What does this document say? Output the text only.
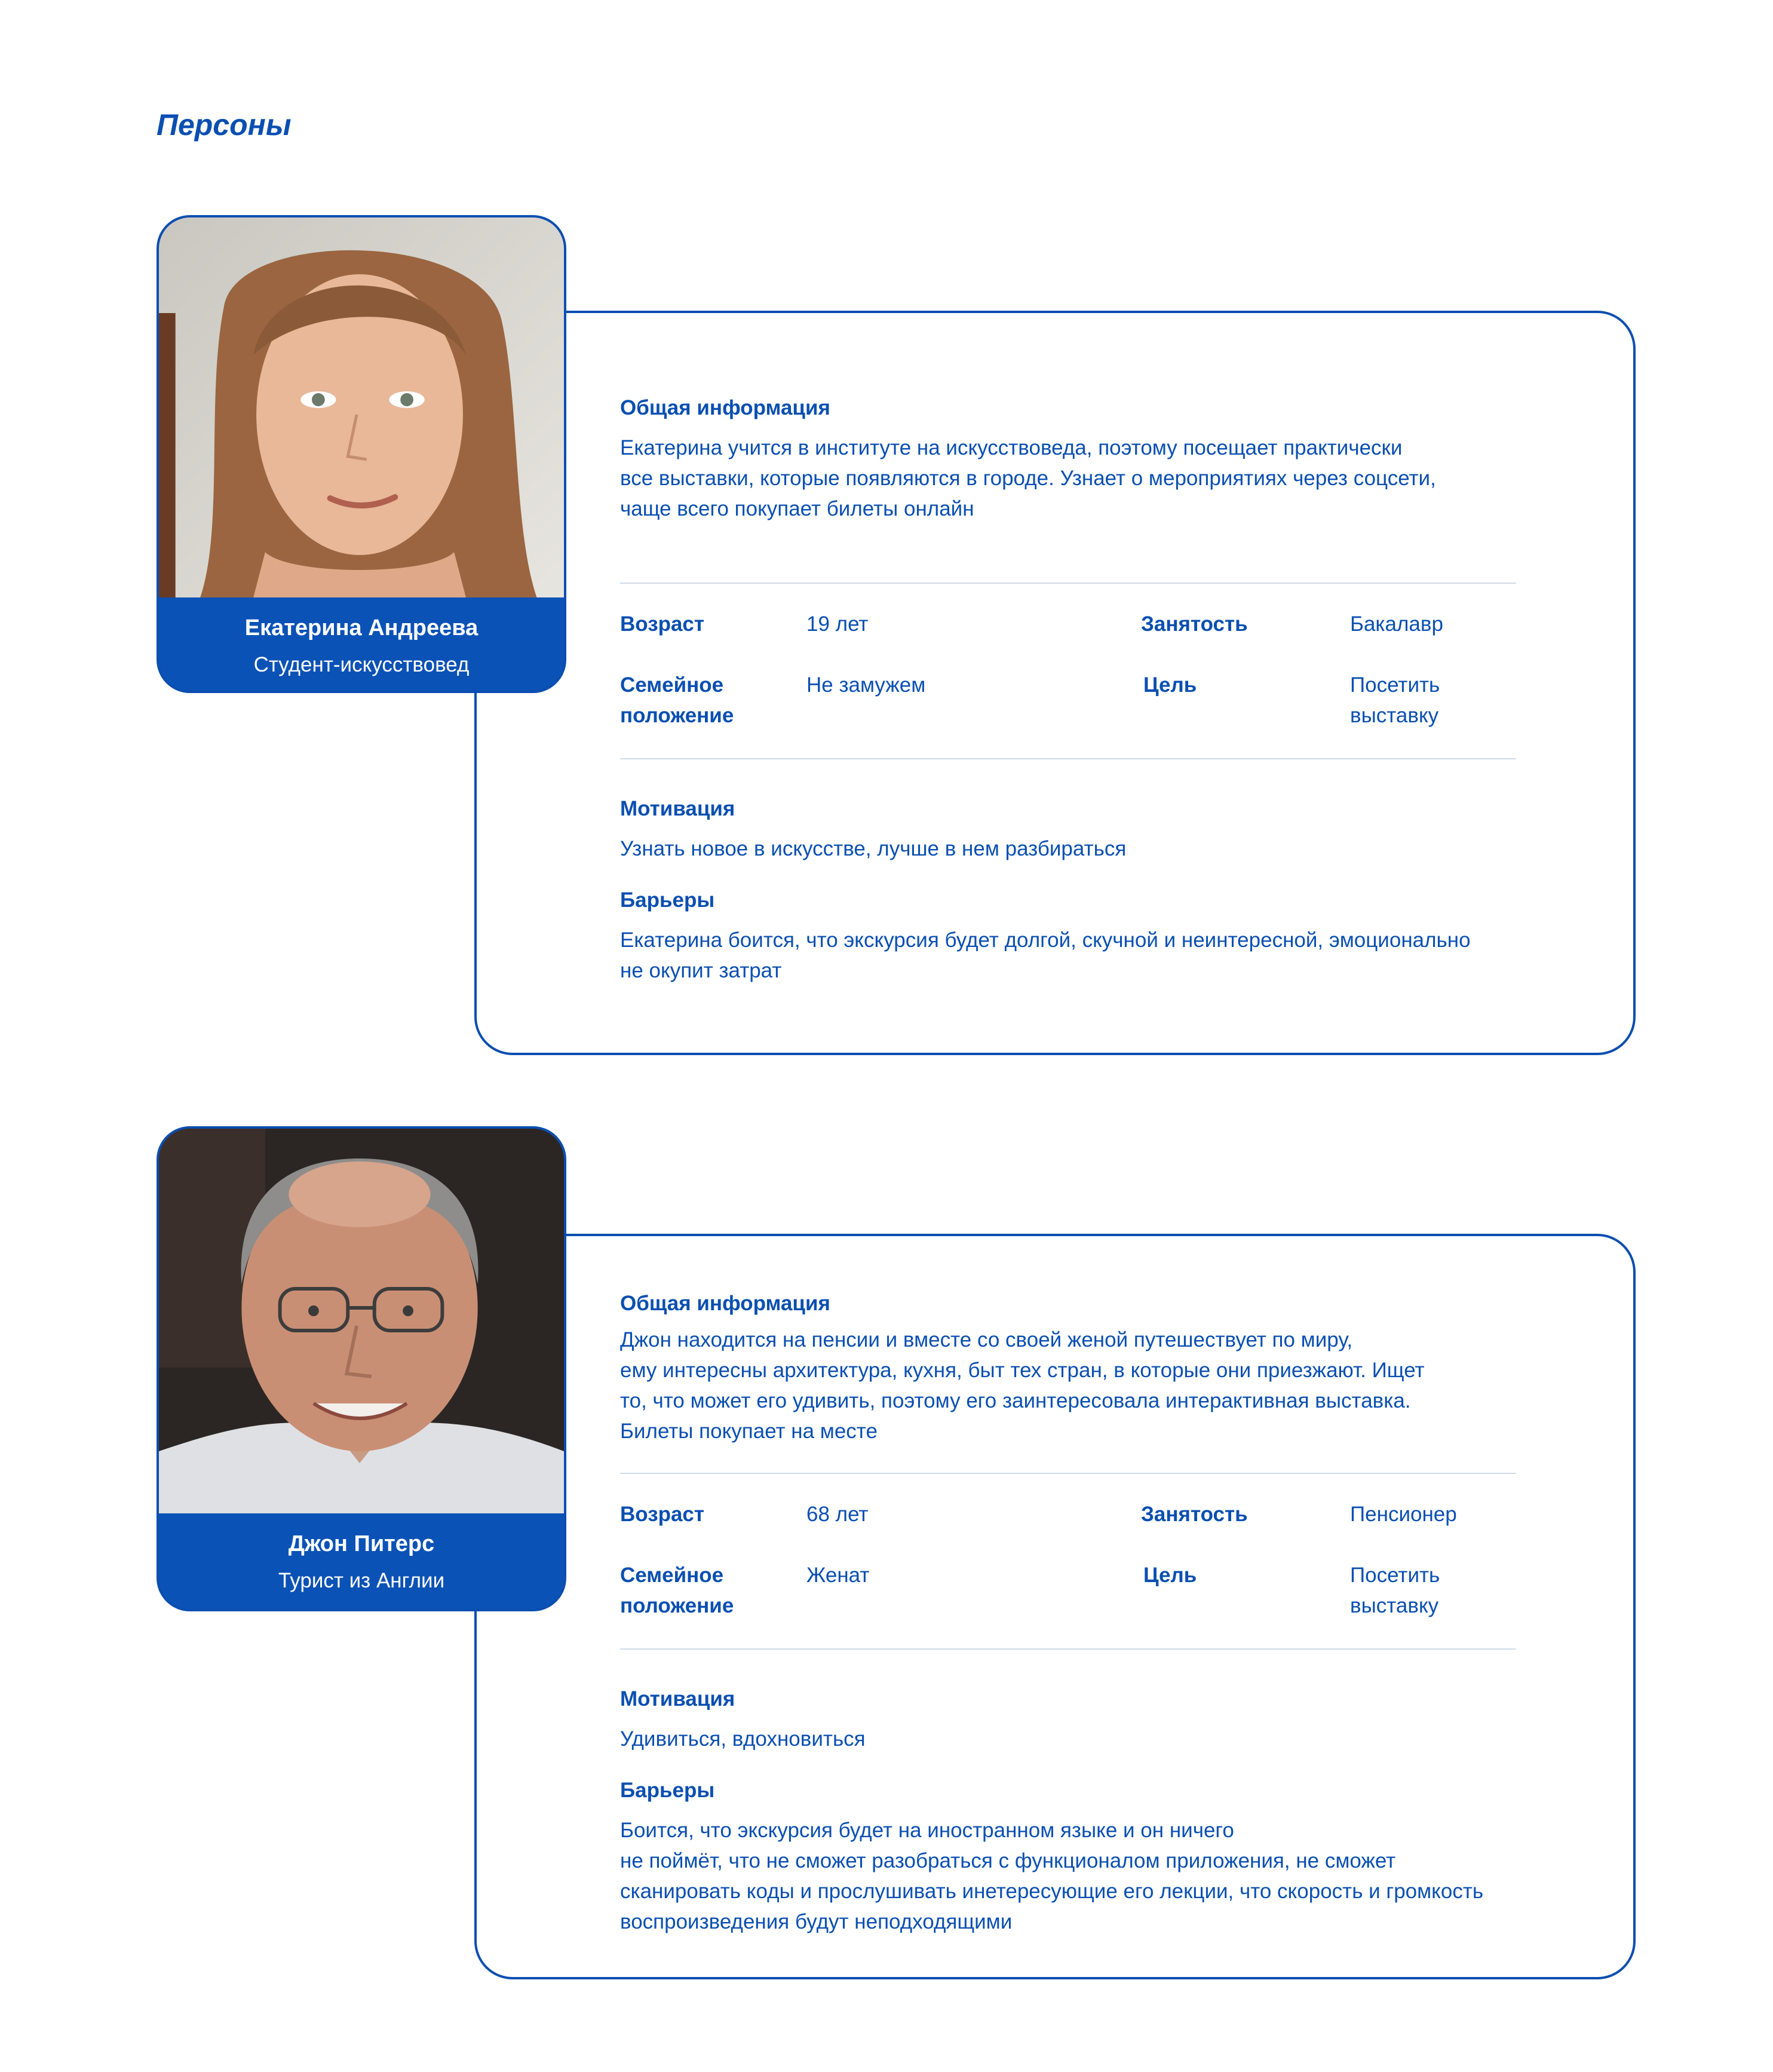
Персоны
Екатерина Андреева
Студент-искусствовед
Общая информация
Екатерина учится в институте на искусствоведа, поэтому посещает практически
все выставки, которые появляются в городе. Узнает о мероприятиях через соцсети,
чаще всего покупает билеты онлайн
Возраст	19 лет	Занятость	Бакалавр
Семейное
положение
Не замужем	Цель	Посетить
выставку
Мотивация
Узнать новое в искусстве, лучше в нем разбираться
Барьеры
Екатерина боится, что экскурсия будет долгой, скучной и неинтересной, эмоционально
не окупит затрат
Джон Питерс
Турист из Англии
Общая информация
Джон находится на пенсии и вместе со своей женой путешествует по миру,
ему интересны архитектура, кухня, быт тех стран, в которые они приезжают. Ищет
то, что может его удивить, поэтому его заинтересовала интерактивная выставка.
Билеты покупает на месте
Возраст	68 лет	Занятость	Пенсионер
Семейное
положение
Женат	Цель	Посетить
выставку
Мотивация
Удивиться, вдохновиться
Барьеры
Боится, что экскурсия будет на иностранном языке и он ничего
не поймёт, что не сможет разобраться с функционалом приложения, не сможет
сканировать коды и прослушивать инетересующие его лекции, что скорость и громкость
воспроизведения будут неподходящими
